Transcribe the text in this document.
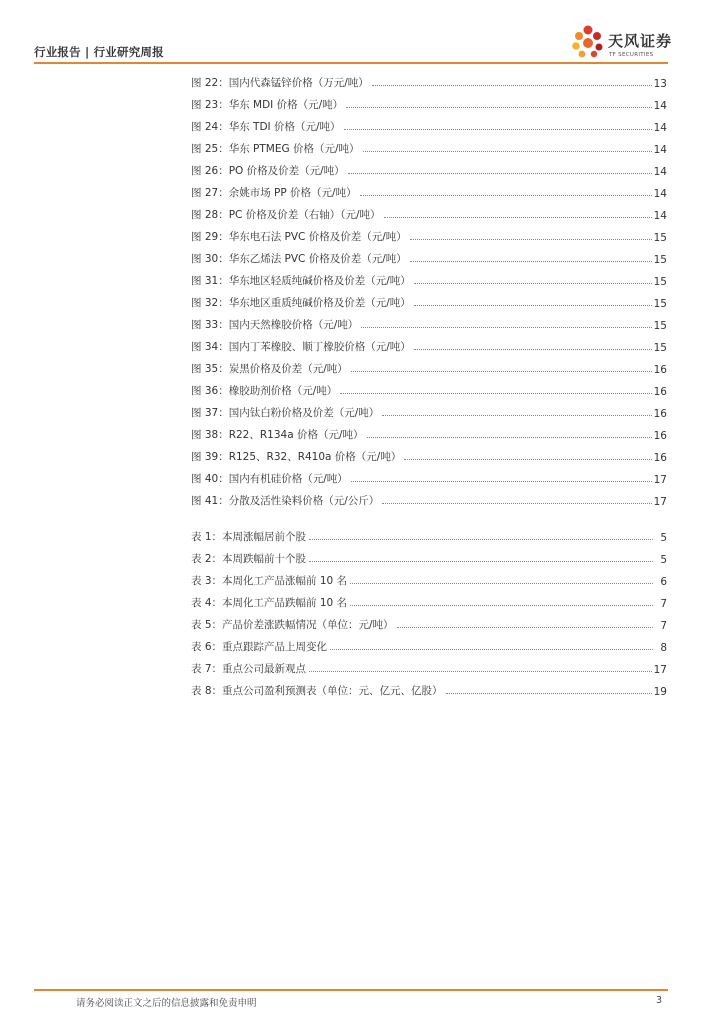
行业报告 | 行业研究周报
天风证券
TF SECURITIES
图 22：国内代森锰锌价格（万元/吨）	13
图 23：华东 MDI 价格（元/吨）	14
图 24：华东 TDI 价格（元/吨）	14
图 25：华东 PTMEG 价格（元/吨）	14
图 26：PO 价格及价差（元/吨）	14
图 27：余姚市场 PP 价格（元/吨）	14
图 28：PC 价格及价差（右轴）（元/吨）	14
图 29：华东电石法 PVC 价格及价差（元/吨）	15
图 30：华东乙烯法 PVC 价格及价差（元/吨）	15
图 31：华东地区轻质纯碱价格及价差（元/吨）	15
图 32：华东地区重质纯碱价格及价差（元/吨）	15
图 33：国内天然橡胶价格（元/吨）	15
图 34：国内丁苯橡胶、顺丁橡胶价格（元/吨）	15
图 35：炭黑价格及价差（元/吨）	16
图 36：橡胶助剂价格（元/吨）	16
图 37：国内钛白粉价格及价差（元/吨）	16
图 38：R22、R134a 价格（元/吨）	16
图 39：R125、R32、R410a 价格（元/吨）	16
图 40：国内有机硅价格（元/吨）	17
图 41：分散及活性染料价格（元/公斤）	17
表 1：本周涨幅居前个股	5
表 2：本周跌幅前十个股	5
表 3：本周化工产品涨幅前 10 名	6
表 4：本周化工产品跌幅前 10 名	7
表 5：产品价差涨跌幅情况（单位：元/吨）	7
表 6：重点跟踪产品上周变化	8
表 7：重点公司最新观点	17
表 8：重点公司盈利预测表（单位：元、亿元、亿股）	19
请务必阅读正文之后的信息披露和免责申明	3
